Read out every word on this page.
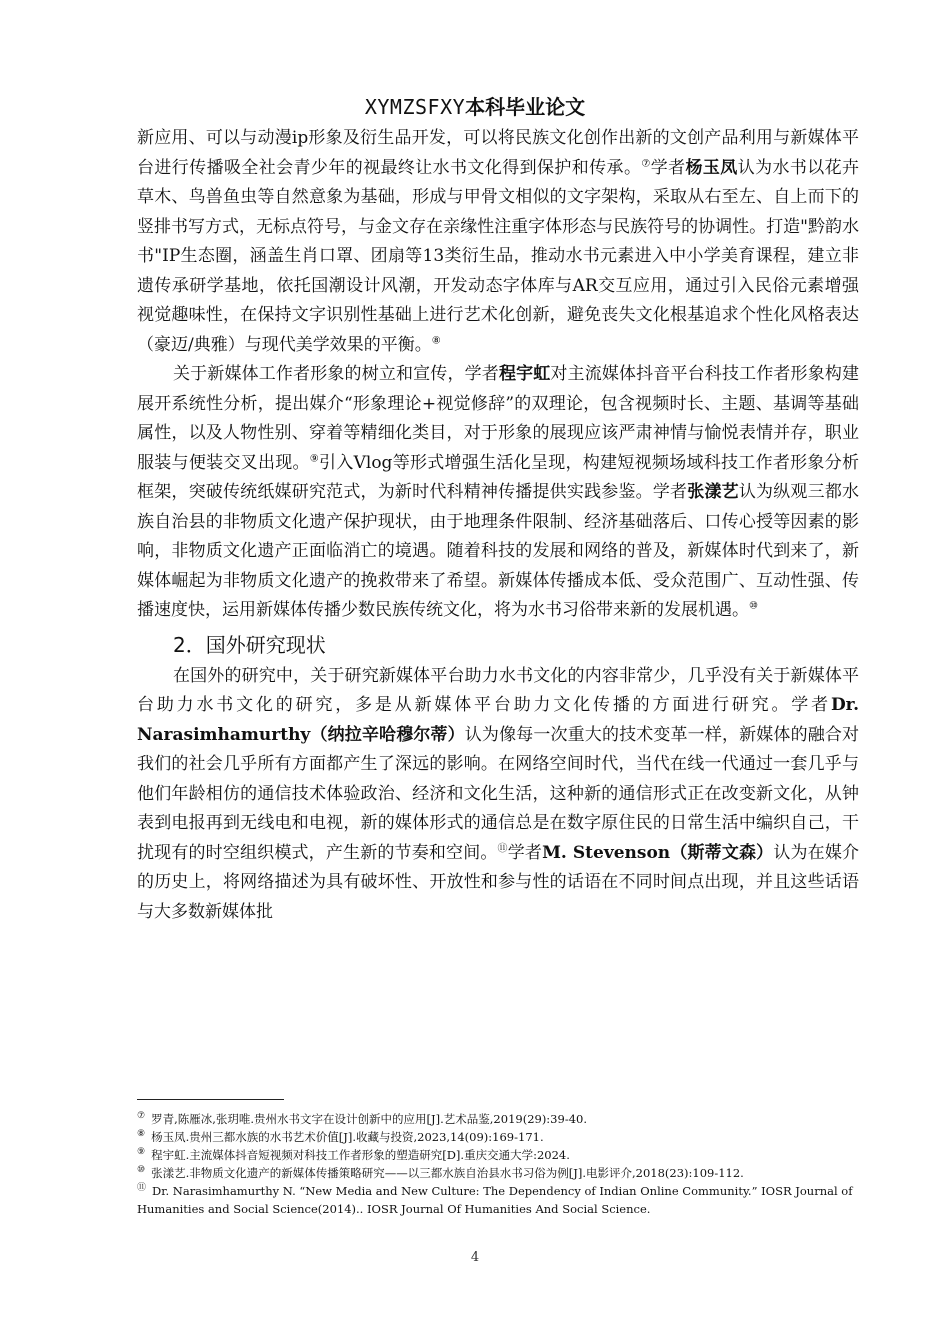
XYMZSFXY本科毕业论文

新应用、可以与动漫ip形象及衍生品开发，可以将民族文化创作出新的文创产品利用与新媒体平台进行传播吸全社会青少年的视最终让水书文化得到保护和传承。⑦学者杨玉凤认为水书以花卉草木、鸟兽鱼虫等自然意象为基础，形成与甲骨文相似的文字架构，采取从右至左、自上而下的竖排书写方式，无标点符号，与金文存在亲缘性注重字体形态与民族符号的协调性。打造"黔韵水书"IP生态圈，涵盖生肖口罩、团扇等13类衍生品，推动水书元素进入中小学美育课程，建立非遗传承研学基地，依托国潮设计风潮，开发动态字体库与AR交互应用，通过引入民俗元素增强视觉趣味性，在保持文字识别性基础上进行艺术化创新，避免丧失文化根基追求个性化风格表达（豪迈/典雅）与现代美学效果的平衡。⑧

关于新媒体工作者形象的树立和宣传，学者程宇虹对主流媒体抖音平台科技工作者形象构建展开系统性分析，提出媒介“形象理论+视觉修辞”的双理论，包含视频时长、主题、基调等基础属性，以及人物性别、穿着等精细化类目，对于形象的展现应该严肃神情与愉悦表情并存，职业服装与便装交叉出现。⑨引入Vlog等形式增强生活化呈现，构建短视频场域科技工作者形象分析框架，突破传统纸媒研究范式，为新时代科精神传播提供实践参鉴。学者张漾艺认为纵观三都水族自治县的非物质文化遗产保护现状，由于地理条件限制、经济基础落后、口传心授等因素的影响，非物质文化遗产正面临消亡的境遇。随着科技的发展和网络的普及，新媒体时代到来了，新媒体崛起为非物质文化遗产的挽救带来了希望。新媒体传播成本低、受众范围广、互动性强、传播速度快，运用新媒体传播少数民族传统文化，将为水书习俗带来新的发展机遇。⑩

2．国外研究现状

在国外的研究中，关于研究新媒体平台助力水书文化的内容非常少，几乎没有关于新媒体平台助力水书文化的研究，多是从新媒体平台助力文化传播的方面进行研究。学者Dr. Narasimhamurthy（纳拉辛哈穆尔蒂）认为像每一次重大的技术变革一样，新媒体的融合对我们的社会几乎所有方面都产生了深远的影响。在网络空间时代，当代在线一代通过一套几乎与他们年龄相仿的通信技术体验政治、经济和文化生活，这种新的通信形式正在改变新文化，从钟表到电报再到无线电和电视，新的媒体形式的通信总是在数字原住民的日常生活中编织自己，干扰现有的时空组织模式，产生新的节奏和空间。⑪学者M. Stevenson（斯蒂文森）认为在媒介的历史上，将网络描述为具有破坏性、开放性和参与性的话语在不同时间点出现，并且这些话语与大多数新媒体批

⑦ 罗青,陈雁冰,张玥唯.贵州水书文字在设计创新中的应用[J].艺术品鉴,2019(29):39-40.

⑧ 杨玉凤.贵州三都水族的水书艺术价值[J].收藏与投资,2023,14(09):169-171.

⑨ 程宇虹.主流媒体抖音短视频对科技工作者形象的塑造研究[D].重庆交通大学:2024.

⑩ 张漾艺.非物质文化遗产的新媒体传播策略研究——以三都水族自治县水书习俗为例[J].电影评介,2018(23):109-112.

⑪ Dr. Narasimhamurthy N. “New Media and New Culture: The Dependency of Indian Online Community.” IOSR Journal of Humanities and Social Science(2014).. IOSR Journal Of Humanities And Social Science.

4
